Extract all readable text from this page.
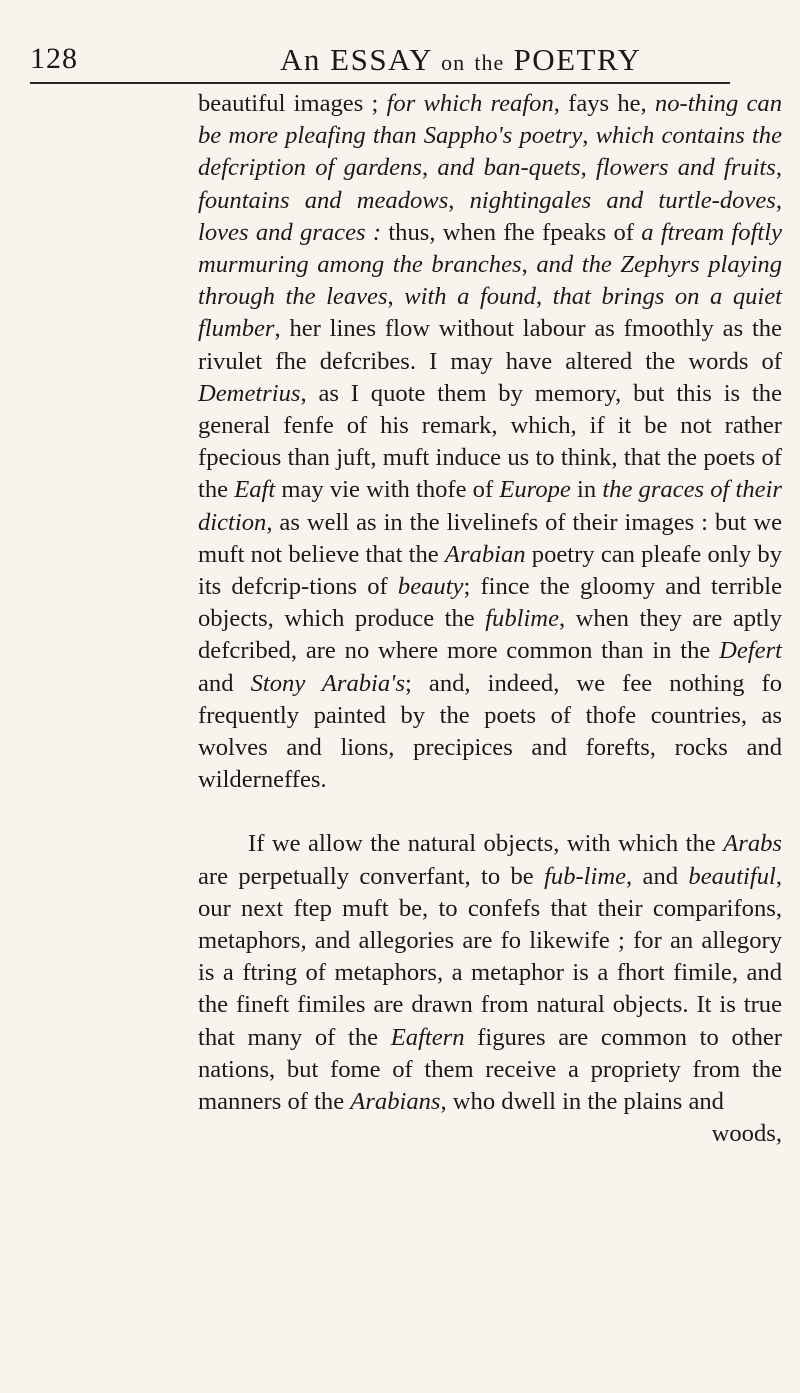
128	An ESSAY on the POETRY

beautiful images ; for which reafon, fays he, no‑thing can be more pleafing than Sappho's poetry, which contains the defcription of gardens, and ban‑quets, flowers and fruits, fountains and meadows, nightingales and turtle-doves, loves and graces : thus, when fhe fpeaks of a ftream foftly murmuring among the branches, and the Zephyrs playing through the leaves, with a found, that brings on a quiet flumber, her lines flow without labour as fmoothly as the rivulet fhe defcribes. I may have altered the words of Demetrius, as I quote them by memory, but this is the general fenfe of his remark, which, if it be not rather fpecious than juft, muft induce us to think, that the poets of the Eaft may vie with thofe of Europe in the graces of their diction, as well as in the livelinefs of their images : but we muft not believe that the Arabian poetry can pleafe only by its defcrip‑tions of beauty; fince the gloomy and terrible objects, which produce the fublime, when they are aptly defcribed, are no where more common than in the Defert and Stony Arabia's; and, indeed, we fee nothing fo frequently painted by the poets of thofe countries, as wolves and lions, precipices and forefts, rocks and wilderneffes.

If we allow the natural objects, with which the Arabs are perpetually converfant, to be fub‑lime, and beautiful, our next ftep muft be, to confefs that their comparifons, metaphors, and allegories are fo likewife ; for an allegory is a ftring of metaphors, a metaphor is a fhort fimile, and the fineft fimiles are drawn from natural objects. It is true that many of the Eaftern figures are common to other nations, but fome of them receive a propriety from the manners of the Arabians, who dwell in the plains and

woods,
